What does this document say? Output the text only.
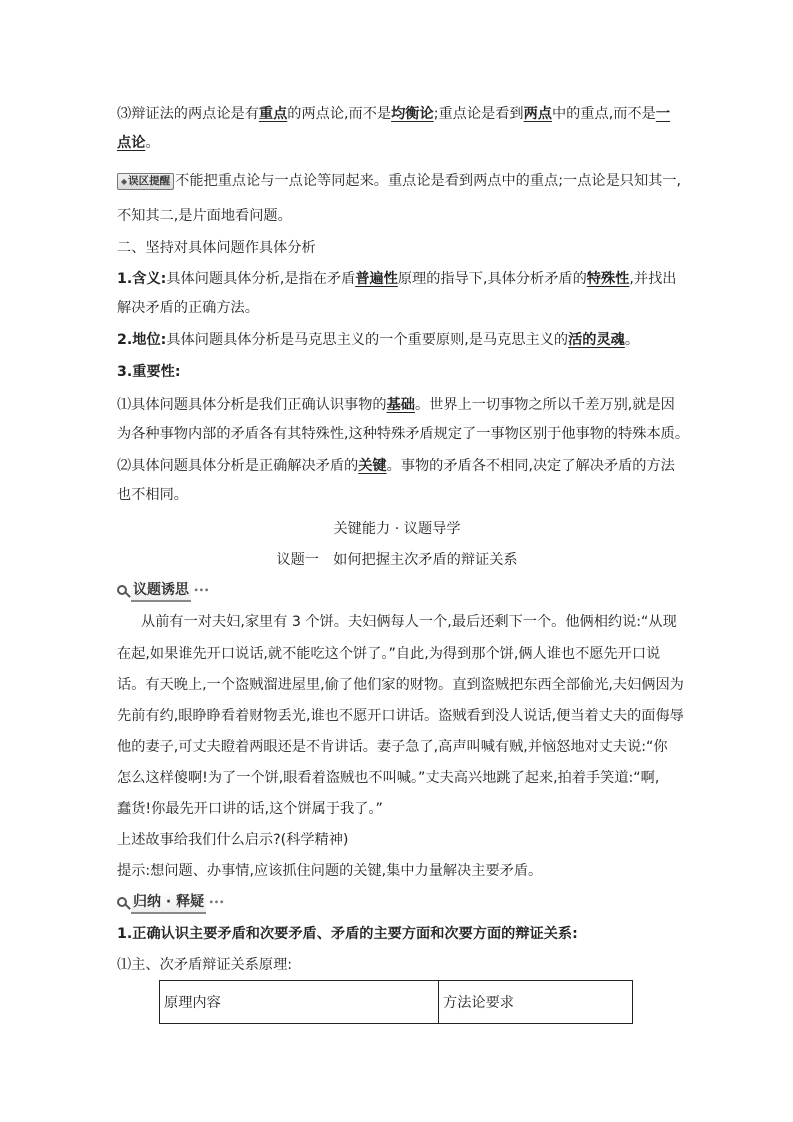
⑶辩证法的两点论是有重点的两点论,而不是均衡论;重点论是看到两点中的重点,而不是一
点论。
◆误区提醒 不能把重点论与一点论等同起来。重点论是看到两点中的重点;一点论是只知其一,
不知其二,是片面地看问题。
二、坚持对具体问题作具体分析
1.含义:具体问题具体分析,是指在矛盾普遍性原理的指导下,具体分析矛盾的特殊性,并找出
解决矛盾的正确方法。
2.地位:具体问题具体分析是马克思主义的一个重要原则,是马克思主义的活的灵魂。
3.重要性:
⑴具体问题具体分析是我们正确认识事物的基础。世界上一切事物之所以千差万别,就是因
为各种事物内部的矛盾各有其特殊性,这种特殊矛盾规定了一事物区别于他事物的特殊本质。
⑵具体问题具体分析是正确解决矛盾的关键。事物的矛盾各不相同,决定了解决矛盾的方法
也不相同。
关键能力 · 议题导学
议题一　如何把握主次矛盾的辩证关系
议题诱思 ∙∙∙
从前有一对夫妇,家里有 3 个饼。夫妇俩每人一个,最后还剩下一个。他俩相约说:“从现
在起,如果谁先开口说话,就不能吃这个饼了。”自此,为得到那个饼,俩人谁也不愿先开口说
话。有天晚上,一个盗贼溜进屋里,偷了他们家的财物。直到盗贼把东西全部偷光,夫妇俩因为
先前有约,眼睁睁看着财物丢光,谁也不愿开口讲话。盗贼看到没人说话,便当着丈夫的面侮辱
他的妻子,可丈夫瞪着两眼还是不肯讲话。妻子急了,高声叫喊有贼,并恼怒地对丈夫说:“你
怎么这样傻啊!为了一个饼,眼看着盗贼也不叫喊。”丈夫高兴地跳了起来,拍着手笑道:“啊,
蠢货!你最先开口讲的话,这个饼属于我了。”
上述故事给我们什么启示?(科学精神)
提示:想问题、办事情,应该抓住问题的关键,集中力量解决主要矛盾。
归纳 · 释疑 ∙∙∙
1.正确认识主要矛盾和次要矛盾、矛盾的主要方面和次要方面的辩证关系:
⑴主、次矛盾辩证关系原理:
原理内容	方法论要求
